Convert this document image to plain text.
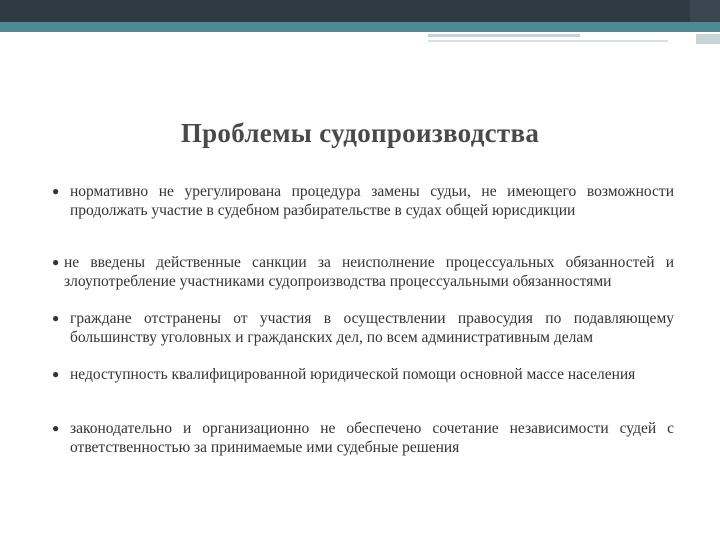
Проблемы судопроизводства
● нормативно не урегулирована процедура замены судьи, не имеющего возможности продолжать участие в судебном разбирательстве в судах общей юрисдикции
● не введены действенные санкции за неисполнение процессуальных обязанностей и злоупотребление участниками судопроизводства процессуальными обязанностями
● граждане отстранены от участия в осуществлении правосудия по подавляющему большинству уголовных и гражданских дел, по всем административным делам
● недоступность квалифицированной юридической помощи основной массе населения
● законодательно и организационно не обеспечено сочетание независимости судей с ответственностью за принимаемые ими судебные решения
